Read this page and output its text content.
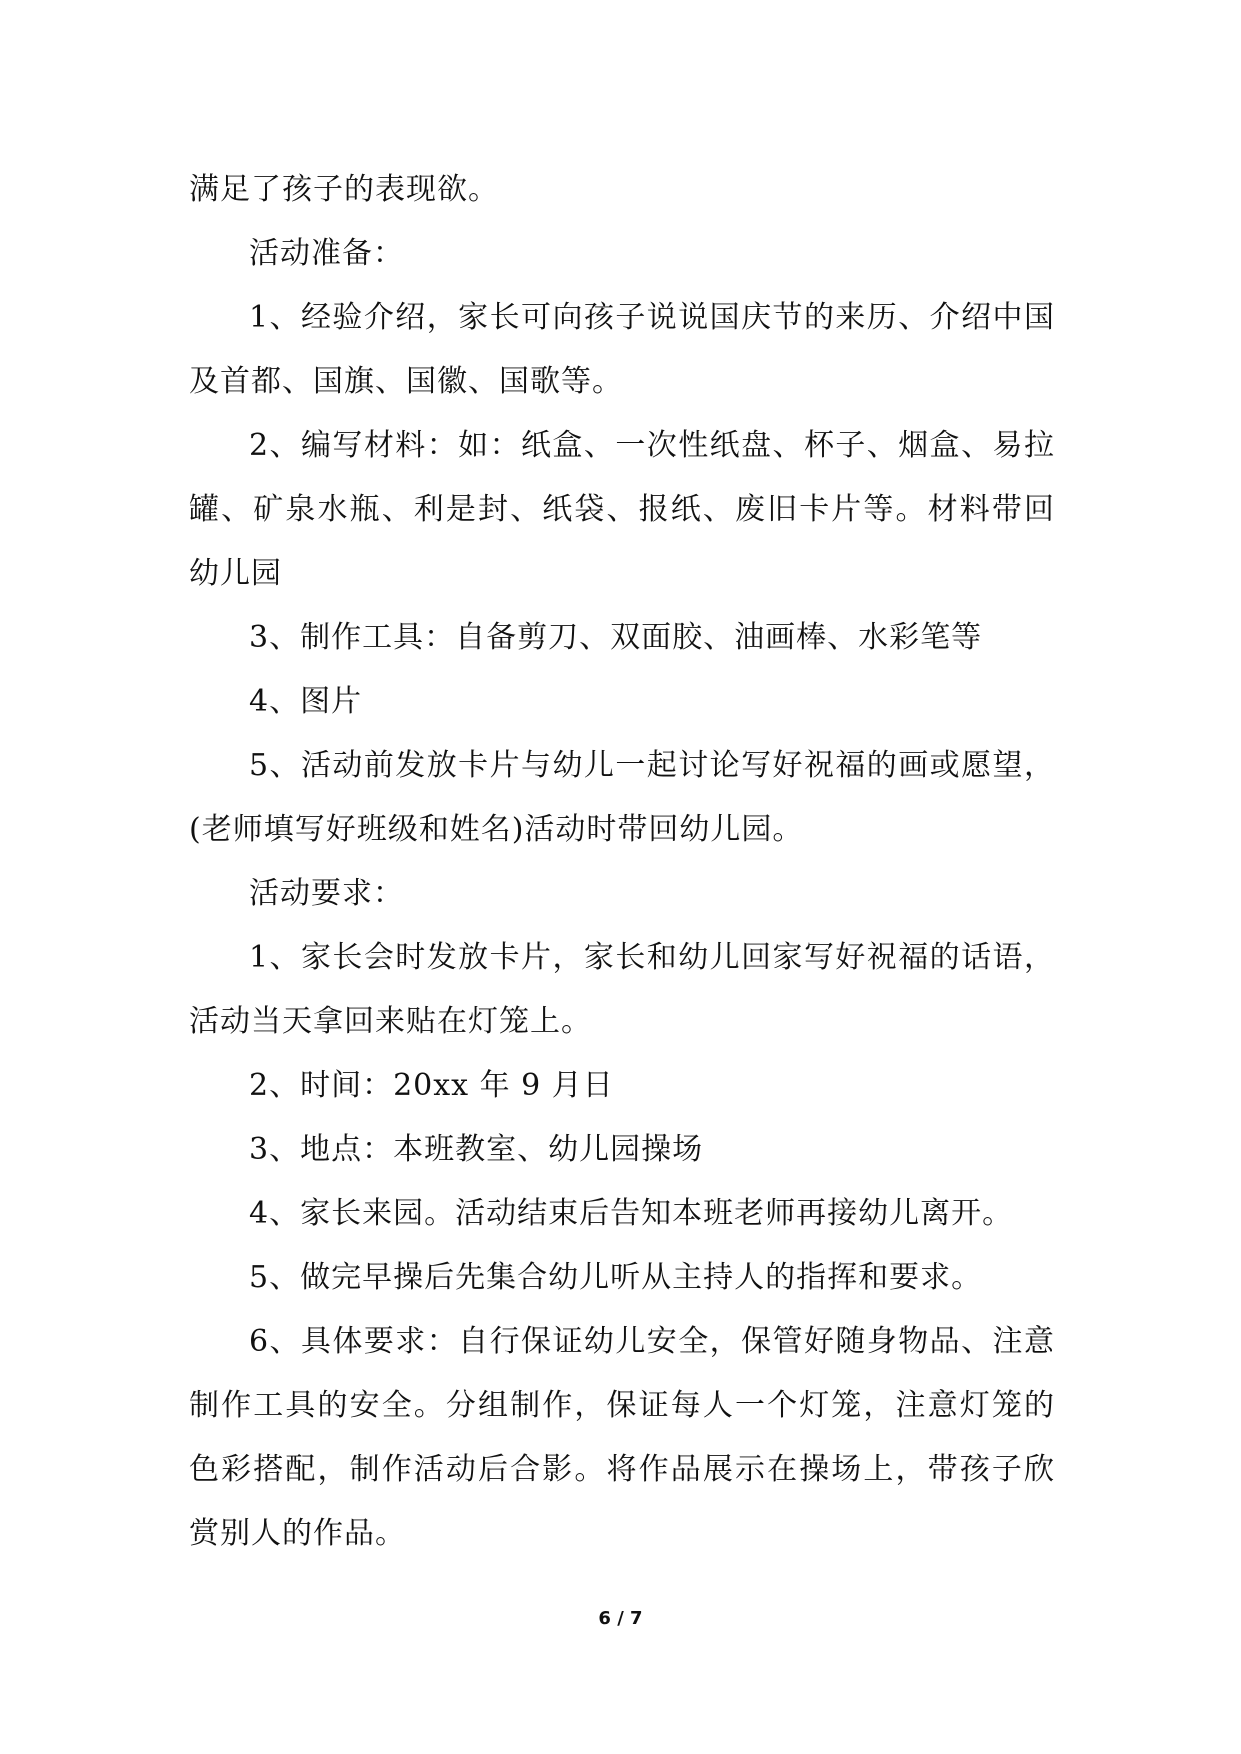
满足了孩子的表现欲。

活动准备：

1、经验介绍，家长可向孩子说说国庆节的来历、介绍中国及首都、国旗、国徽、国歌等。

2、编写材料：如：纸盒、一次性纸盘、杯子、烟盒、易拉罐、矿泉水瓶、利是封、纸袋、报纸、废旧卡片等。材料带回幼儿园

3、制作工具：自备剪刀、双面胶、油画棒、水彩笔等

4、图片

5、活动前发放卡片与幼儿一起讨论写好祝福的画或愿望，(老师填写好班级和姓名)活动时带回幼儿园。

活动要求：

1、家长会时发放卡片，家长和幼儿回家写好祝福的话语，活动当天拿回来贴在灯笼上。

2、时间：20xx 年 9 月日

3、地点：本班教室、幼儿园操场

4、家长来园。活动结束后告知本班老师再接幼儿离开。

5、做完早操后先集合幼儿听从主持人的指挥和要求。

6、具体要求：自行保证幼儿安全，保管好随身物品、注意制作工具的安全。分组制作，保证每人一个灯笼，注意灯笼的色彩搭配，制作活动后合影。将作品展示在操场上，带孩子欣赏别人的作品。

6 / 7
